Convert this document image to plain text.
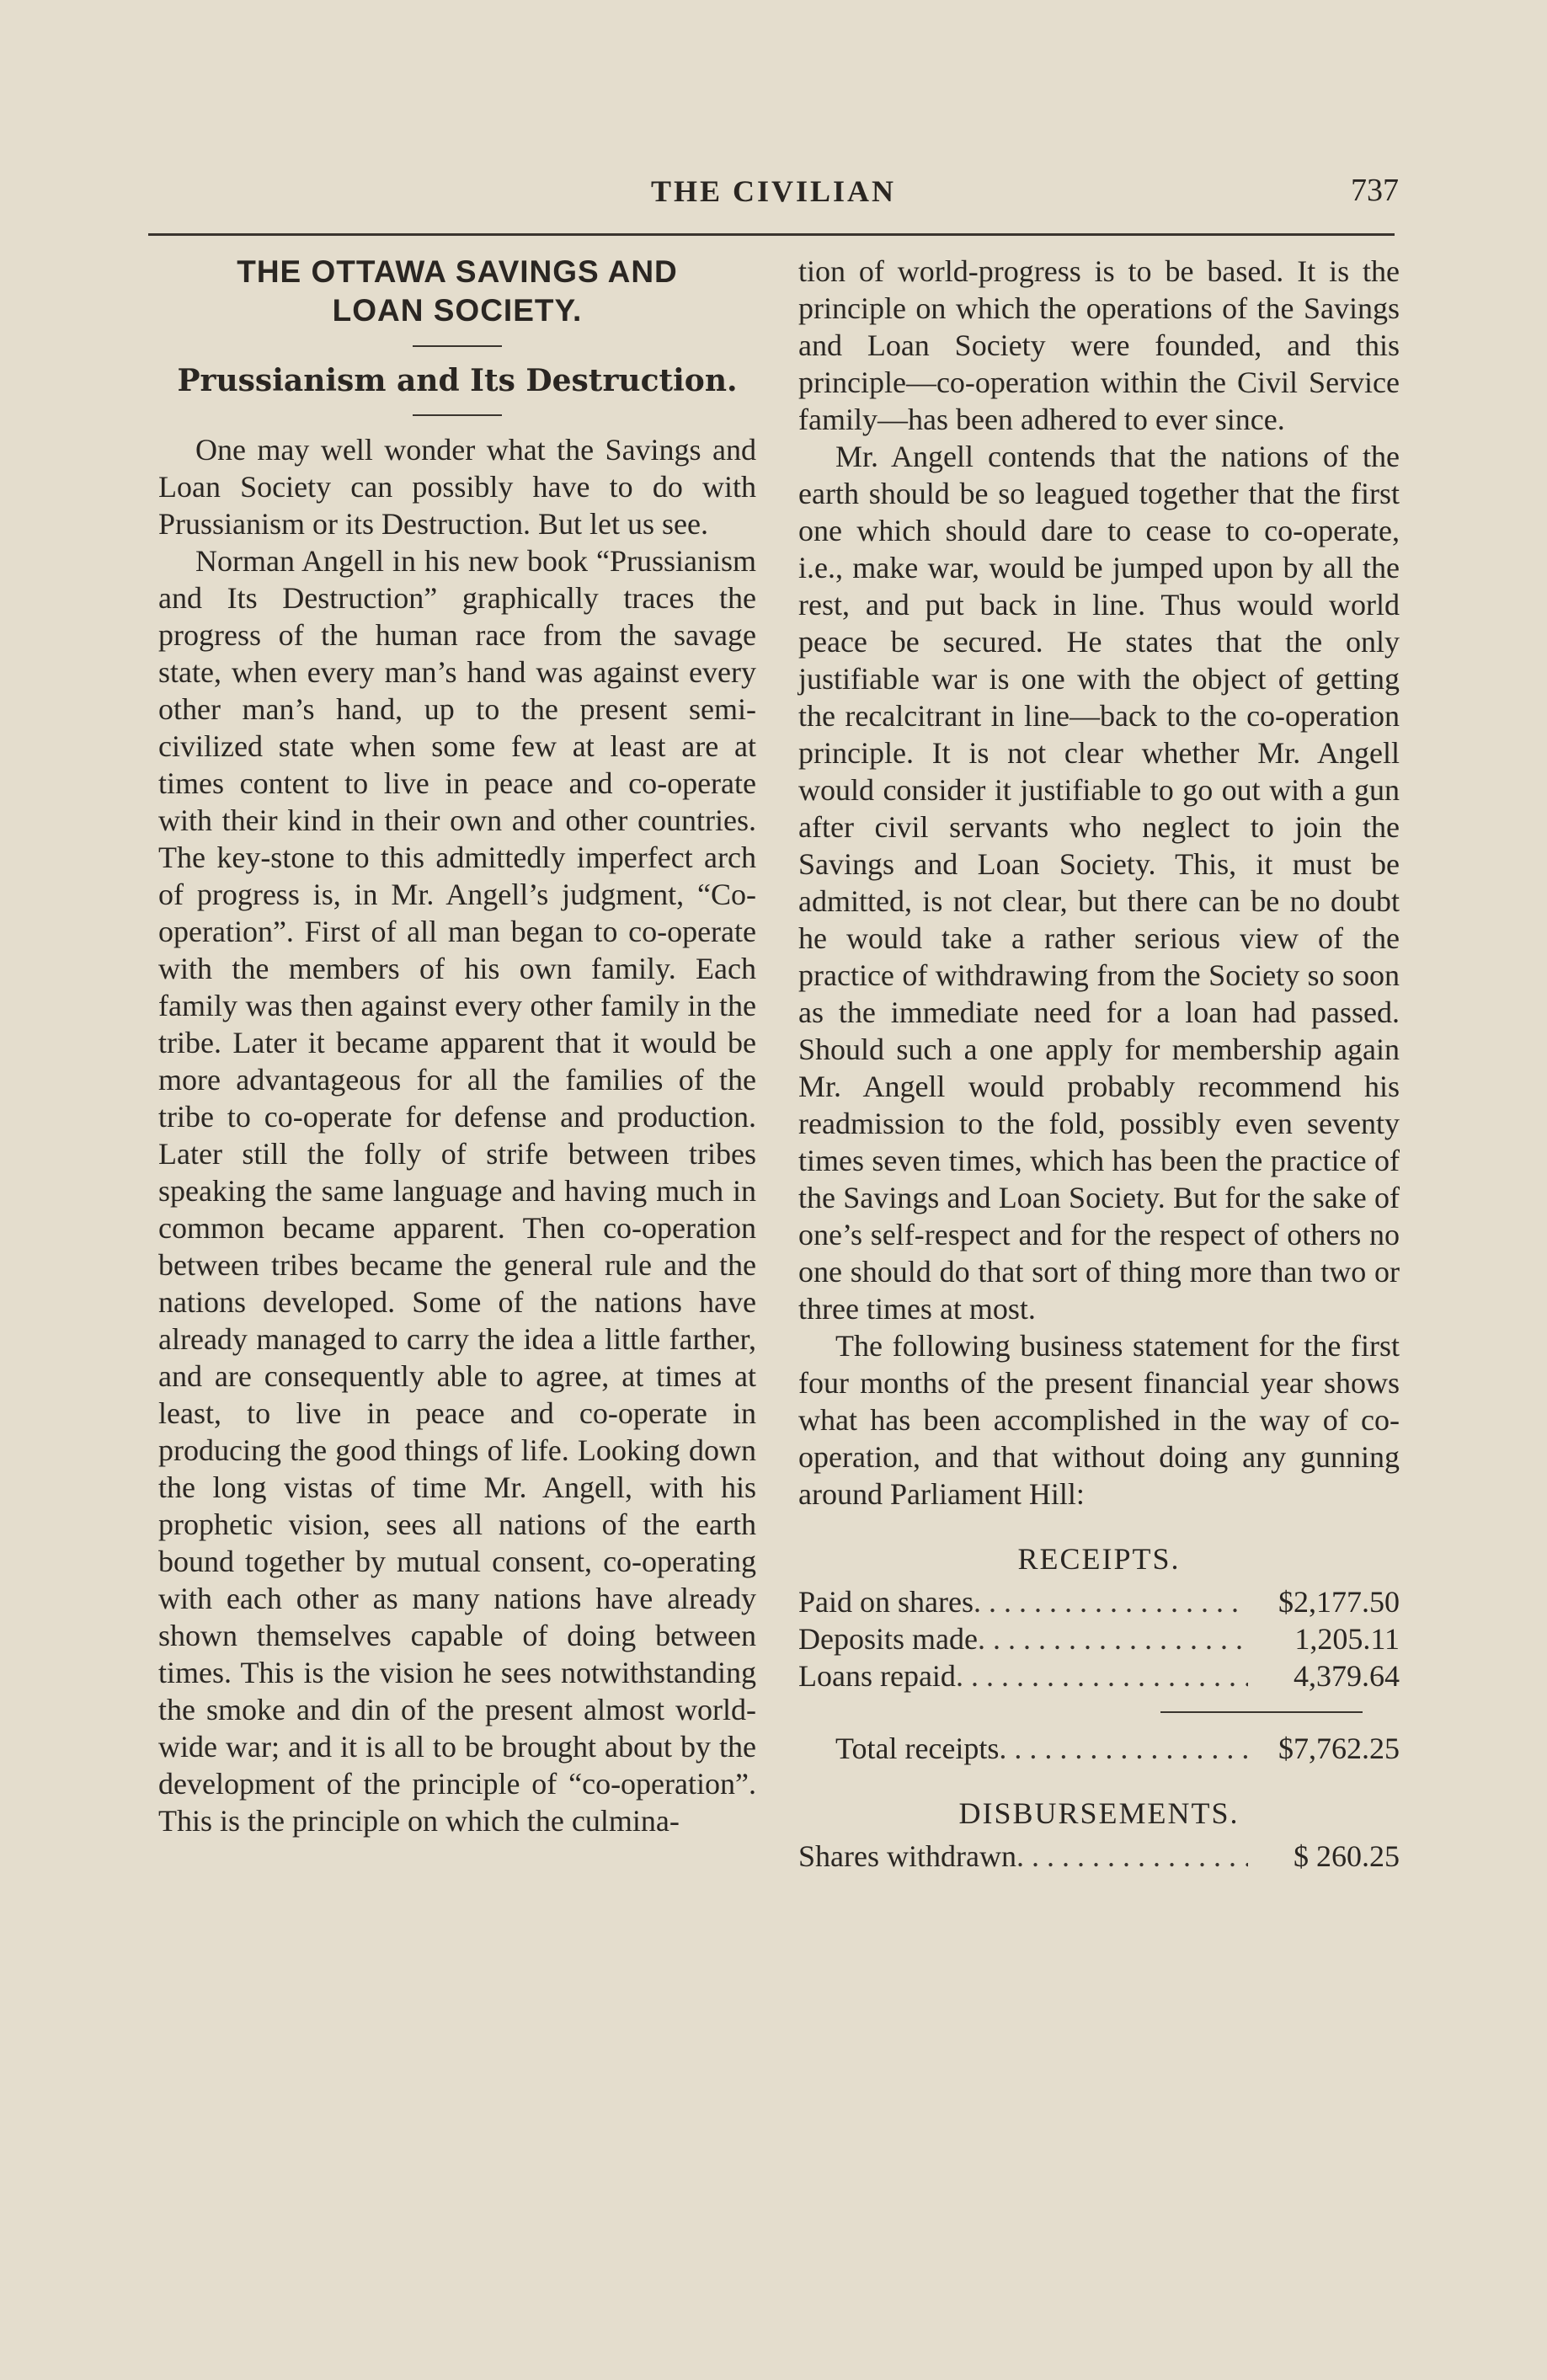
THE CIVILIAN	737
THE OTTAWA SAVINGS AND
LOAN SOCIETY.
Prussianism and Its Destruction.

One may well wonder what the Savings and Loan Society can possibly have to do with Prussianism or its Destruction. But let us see.

Norman Angell in his new book “Prussianism and Its Destruction” graphically traces the progress of the human race from the savage state, when every man’s hand was against every other man’s hand, up to the present semi-civilized state when some few at least are at times content to live in peace and co-operate with their kind in their own and other countries. The key-stone to this admittedly imperfect arch of progress is, in Mr. Angell’s judgment, “Co-operation”. First of all man began to co-operate with the members of his own family. Each family was then against every other family in the tribe. Later it became apparent that it would be more advantageous for all the families of the tribe to co-operate for defense and production. Later still the folly of strife between tribes speaking the same language and having much in common became apparent. Then co-operation between tribes became the general rule and the nations developed. Some of the nations have already managed to carry the idea a little farther, and are consequently able to agree, at times at least, to live in peace and co-operate in producing the good things of life. Looking down the long vistas of time Mr. Angell, with his prophetic vision, sees all nations of the earth bound together by mutual consent, co-operating with each other as many nations have already shown themselves capable of doing between times. This is the vision he sees notwithstanding the smoke and din of the present almost world-wide war; and it is all to be brought about by the development of the principle of “co-operation”. This is the principle on which the culmina-

tion of world-progress is to be based. It is the principle on which the operations of the Savings and Loan Society were founded, and this principle—co-operation within the Civil Service family—has been adhered to ever since.

Mr. Angell contends that the nations of the earth should be so leagued together that the first one which should dare to cease to co-operate, i.e., make war, would be jumped upon by all the rest, and put back in line. Thus would world peace be secured. He states that the only justifiable war is one with the object of getting the recalcitrant in line—back to the co-operation principle. It is not clear whether Mr. Angell would consider it justifiable to go out with a gun after civil servants who neglect to join the Savings and Loan Society. This, it must be admitted, is not clear, but there can be no doubt he would take a rather serious view of the practice of withdrawing from the Society so soon as the immediate need for a loan had passed. Should such a one apply for membership again Mr. Angell would probably recommend his readmission to the fold, possibly even seventy times seven times, which has been the practice of the Savings and Loan Society. But for the sake of one’s self-respect and for the respect of others no one should do that sort of thing more than two or three times at most.

The following business statement for the first four months of the present financial year shows what has been accomplished in the way of co-operation, and that without doing any gunning around Parliament Hill:

RECEIPTS.
Paid on shares . . .	$2,177.50
Deposits made . . .	1,205.11
Loans repaid . . .	4,379.64
Total receipts . . .	$7,762.25
DISBURSEMENTS.
Shares withdrawn . . .	$ 260.25
